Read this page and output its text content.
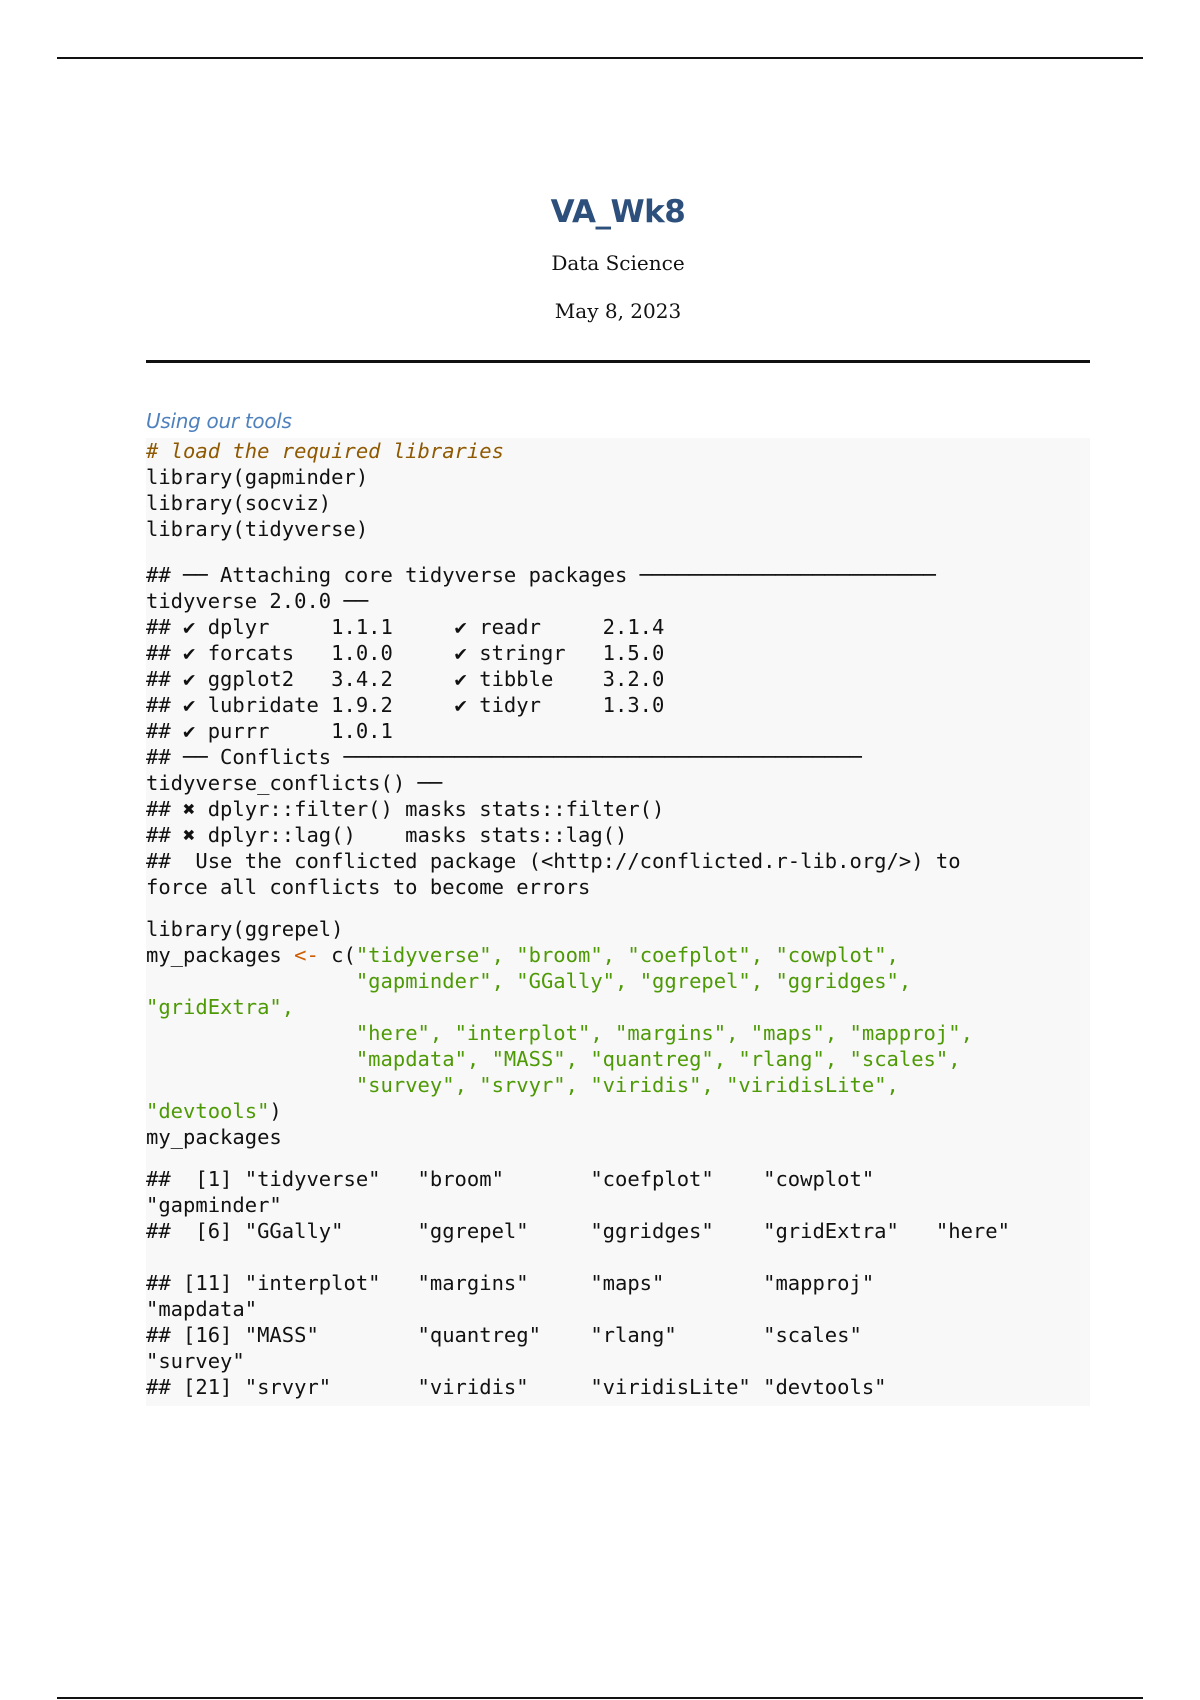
VA_Wk8
Data Science
May 8, 2023
Using our tools
# load the required libraries
library(gapminder)
library(socviz)
library(tidyverse)
## ── Attaching core tidyverse packages ────────────────────────
tidyverse 2.0.0 ──
## ✔ dplyr     1.1.1     ✔ readr     2.1.4
## ✔ forcats   1.0.0     ✔ stringr   1.5.0
## ✔ ggplot2   3.4.2     ✔ tibble    3.2.0
## ✔ lubridate 1.9.2     ✔ tidyr     1.3.0
## ✔ purrr     1.0.1
## ── Conflicts ──────────────────────────────────────────
tidyverse_conflicts() ──
## ✖ dplyr::filter() masks stats::filter()
## ✖ dplyr::lag()    masks stats::lag()
##  Use the conflicted package (<http://conflicted.r-lib.org/>) to
force all conflicts to become errors
library(ggrepel)
my_packages <- c("tidyverse", "broom", "coefplot", "cowplot",
"gapminder", "GGally", "ggrepel", "ggridges",
"gridExtra",
"here", "interplot", "margins", "maps", "mapproj",
"mapdata", "MASS", "quantreg", "rlang", "scales",
"survey", "srvyr", "viridis", "viridisLite",
"devtools")
my_packages
##  [1] "tidyverse"   "broom"       "coefplot"    "cowplot"
"gapminder"
##  [6] "GGally"      "ggrepel"     "ggridges"    "gridExtra"   "here"
## [11] "interplot"   "margins"     "maps"        "mapproj"
"mapdata"
## [16] "MASS"        "quantreg"    "rlang"       "scales"
"survey"
## [21] "srvyr"       "viridis"     "viridisLite" "devtools"
